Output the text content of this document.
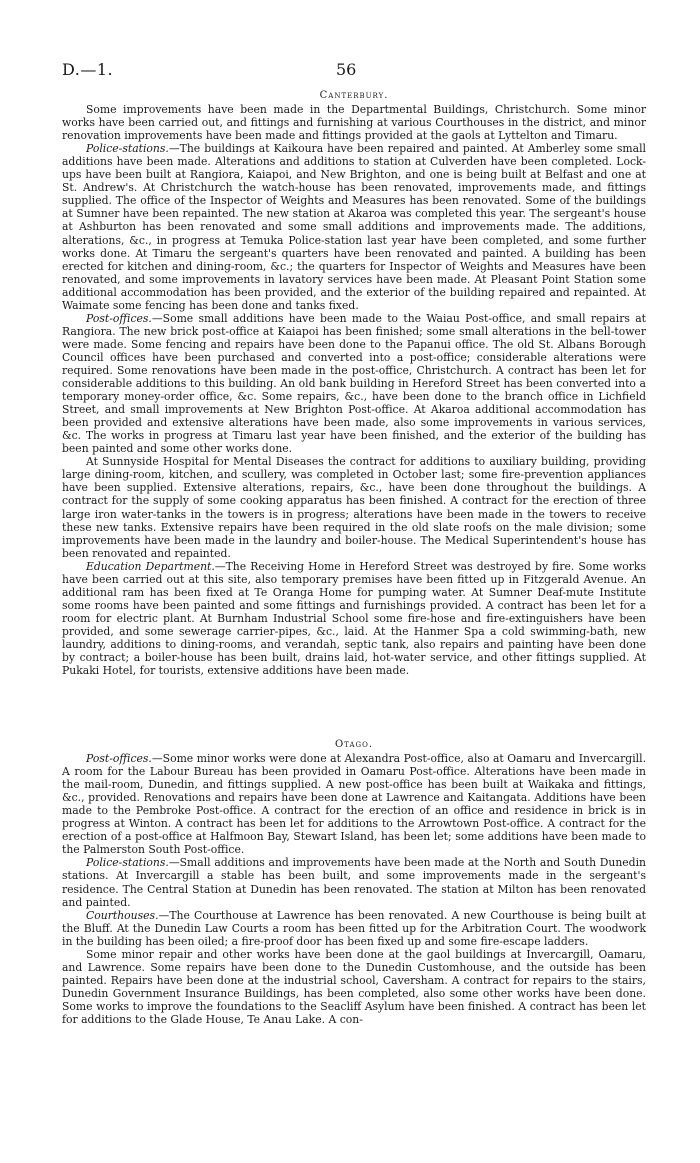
D.—1.	56
Canterbury.

Some improvements have been made in the Departmental Buildings, Christchurch. Some minor works have been carried out, and fittings and furnishing at various Courthouses in the district, and minor renovation improvements have been made and fittings provided at the gaols at Lyttelton and Timaru.

Police-stations.—The buildings at Kaikoura have been repaired and painted. At Amberley some small additions have been made. Alterations and additions to station at Culverden have been completed. Lock-ups have been built at Rangiora, Kaiapoi, and New Brighton, and one is being built at Belfast and one at St. Andrew's. At Christchurch the watch-house has been renovated, improvements made, and fittings supplied. The office of the Inspector of Weights and Measures has been renovated. Some of the buildings at Sumner have been repainted. The new station at Akaroa was completed this year. The sergeant's house at Ashburton has been renovated and some small additions and improvements made. The additions, alterations, &c., in progress at Temuka Police-station last year have been completed, and some further works done. At Timaru the sergeant's quarters have been renovated and painted. A building has been erected for kitchen and dining-room, &c.; the quarters for Inspector of Weights and Measures have been renovated, and some improvements in lavatory services have been made. At Pleasant Point Station some additional accommodation has been provided, and the exterior of the building repaired and repainted. At Waimate some fencing has been done and tanks fixed.

Post-offices.—Some small additions have been made to the Waiau Post-office, and small repairs at Rangiora. The new brick post-office at Kaiapoi has been finished; some small alterations in the bell-tower were made. Some fencing and repairs have been done to the Papanui office. The old St. Albans Borough Council offices have been purchased and converted into a post-office; considerable alterations were required. Some renovations have been made in the post-office, Christchurch. A contract has been let for considerable additions to this building. An old bank building in Hereford Street has been converted into a temporary money-order office, &c. Some repairs, &c., have been done to the branch office in Lichfield Street, and small improvements at New Brighton Post-office. At Akaroa additional accommodation has been provided and extensive alterations have been made, also some improvements in various services, &c. The works in progress at Timaru last year have been finished, and the exterior of the building has been painted and some other works done.

At Sunnyside Hospital for Mental Diseases the contract for additions to auxiliary building, providing large dining-room, kitchen, and scullery, was completed in October last; some fire-prevention appliances have been supplied. Extensive alterations, repairs, &c., have been done throughout the buildings. A contract for the supply of some cooking apparatus has been finished. A contract for the erection of three large iron water-tanks in the towers is in progress; alterations have been made in the towers to receive these new tanks. Extensive repairs have been required in the old slate roofs on the male division; some improvements have been made in the laundry and boiler-house. The Medical Superintendent's house has been renovated and repainted.

Education Department.—The Receiving Home in Hereford Street was destroyed by fire. Some works have been carried out at this site, also temporary premises have been fitted up in Fitzgerald Avenue. An additional ram has been fixed at Te Oranga Home for pumping water. At Sumner Deaf-mute Institute some rooms have been painted and some fittings and furnishings provided. A contract has been let for a room for electric plant. At Burnham Industrial School some fire-hose and fire-extinguishers have been provided, and some sewerage carrier-pipes, &c., laid. At the Hanmer Spa a cold swimming-bath, new laundry, additions to dining-rooms, and verandah, septic tank, also repairs and painting have been done by contract; a boiler-house has been built, drains laid, hot-water service, and other fittings supplied. At Pukaki Hotel, for tourists, extensive additions have been made.

Otago.

Post-offices.—Some minor works were done at Alexandra Post-office, also at Oamaru and Invercargill. A room for the Labour Bureau has been provided in Oamaru Post-office. Alterations have been made in the mail-room, Dunedin, and fittings supplied. A new post-office has been built at Waikaka and fittings, &c., provided. Renovations and repairs have been done at Lawrence and Kaitangata. Additions have been made to the Pembroke Post-office. A contract for the erection of an office and residence in brick is in progress at Winton. A contract has been let for additions to the Arrowtown Post-office. A contract for the erection of a post-office at Halfmoon Bay, Stewart Island, has been let; some additions have been made to the Palmerston South Post-office.

Police-stations.—Small additions and improvements have been made at the North and South Dunedin stations. At Invercargill a stable has been built, and some improvements made in the sergeant's residence. The Central Station at Dunedin has been renovated. The station at Milton has been renovated and painted.

Courthouses.—The Courthouse at Lawrence has been renovated. A new Courthouse is being built at the Bluff. At the Dunedin Law Courts a room has been fitted up for the Arbitration Court. The woodwork in the building has been oiled; a fire-proof door has been fixed up and some fire-escape ladders.

Some minor repair and other works have been done at the gaol buildings at Invercargill, Oamaru, and Lawrence. Some repairs have been done to the Dunedin Customhouse, and the outside has been painted. Repairs have been done at the industrial school, Caversham. A contract for repairs to the stairs, Dunedin Government Insurance Buildings, has been completed, also some other works have been done. Some works to improve the foundations to the Seacliff Asylum have been finished. A contract has been let for additions to the Glade House, Te Anau Lake. A con-
